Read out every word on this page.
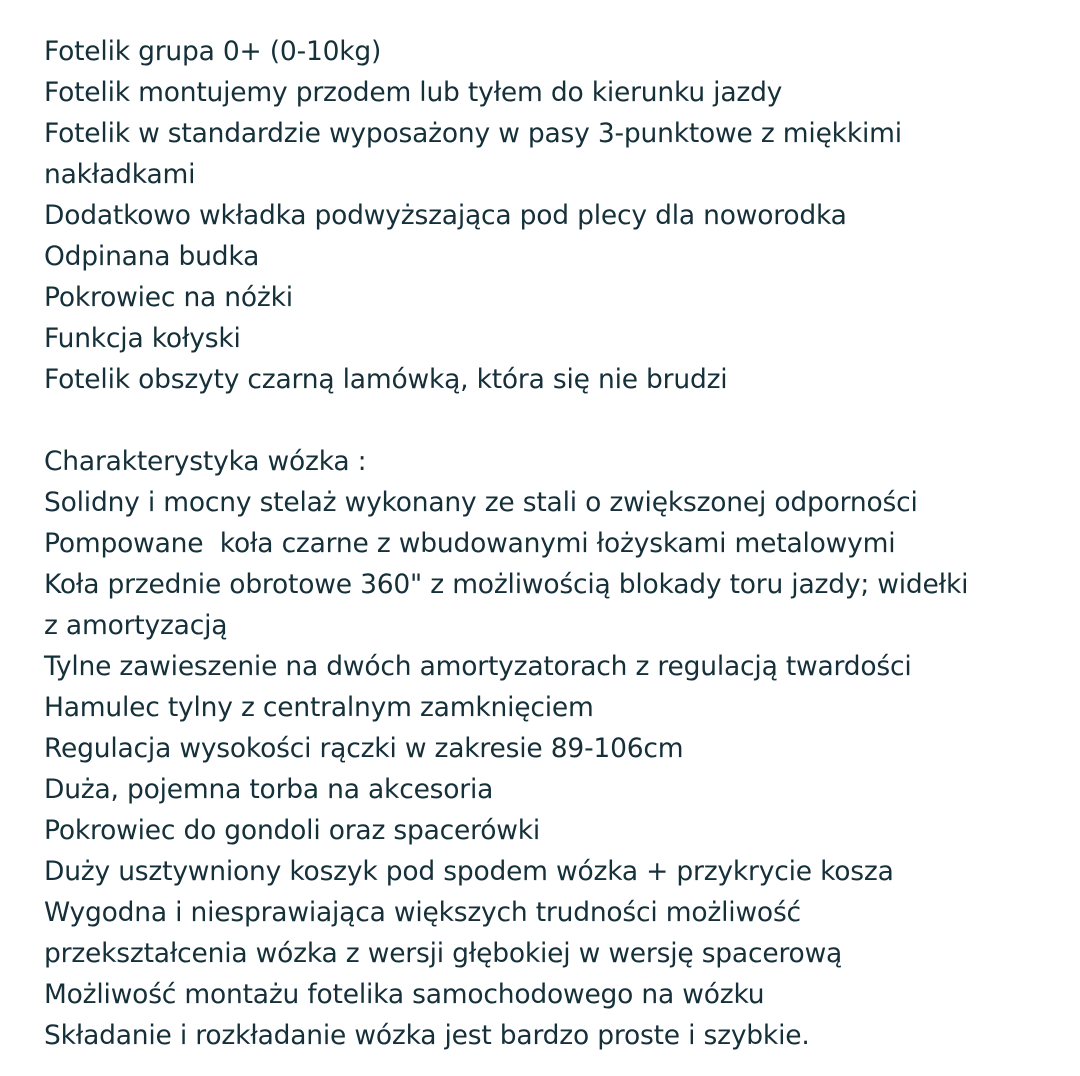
Fotelik grupa 0+ (0-10kg)
Fotelik montujemy przodem lub tyłem do kierunku jazdy
Fotelik w standardzie wyposażony w pasy 3-punktowe z miękkimi
nakładkami
Dodatkowo wkładka podwyższająca pod plecy dla noworodka
Odpinana budka
Pokrowiec na nóżki
Funkcja kołyski
Fotelik obszyty czarną lamówką, która się nie brudzi
Charakterystyka wózka :
Solidny i mocny stelaż wykonany ze stali o zwiększonej odporności
Pompowane  koła czarne z wbudowanymi łożyskami metalowymi
Koła przednie obrotowe 360" z możliwością blokady toru jazdy; widełki
z amortyzacją
Tylne zawieszenie na dwóch amortyzatorach z regulacją twardości
Hamulec tylny z centralnym zamknięciem
Regulacja wysokości rączki w zakresie 89-106cm
Duża, pojemna torba na akcesoria
Pokrowiec do gondoli oraz spacerówki
Duży usztywniony koszyk pod spodem wózka + przykrycie kosza
Wygodna i niesprawiająca większych trudności możliwość
przekształcenia wózka z wersji głębokiej w wersję spacerową
Możliwość montażu fotelika samochodowego na wózku
Składanie i rozkładanie wózka jest bardzo proste i szybkie.
